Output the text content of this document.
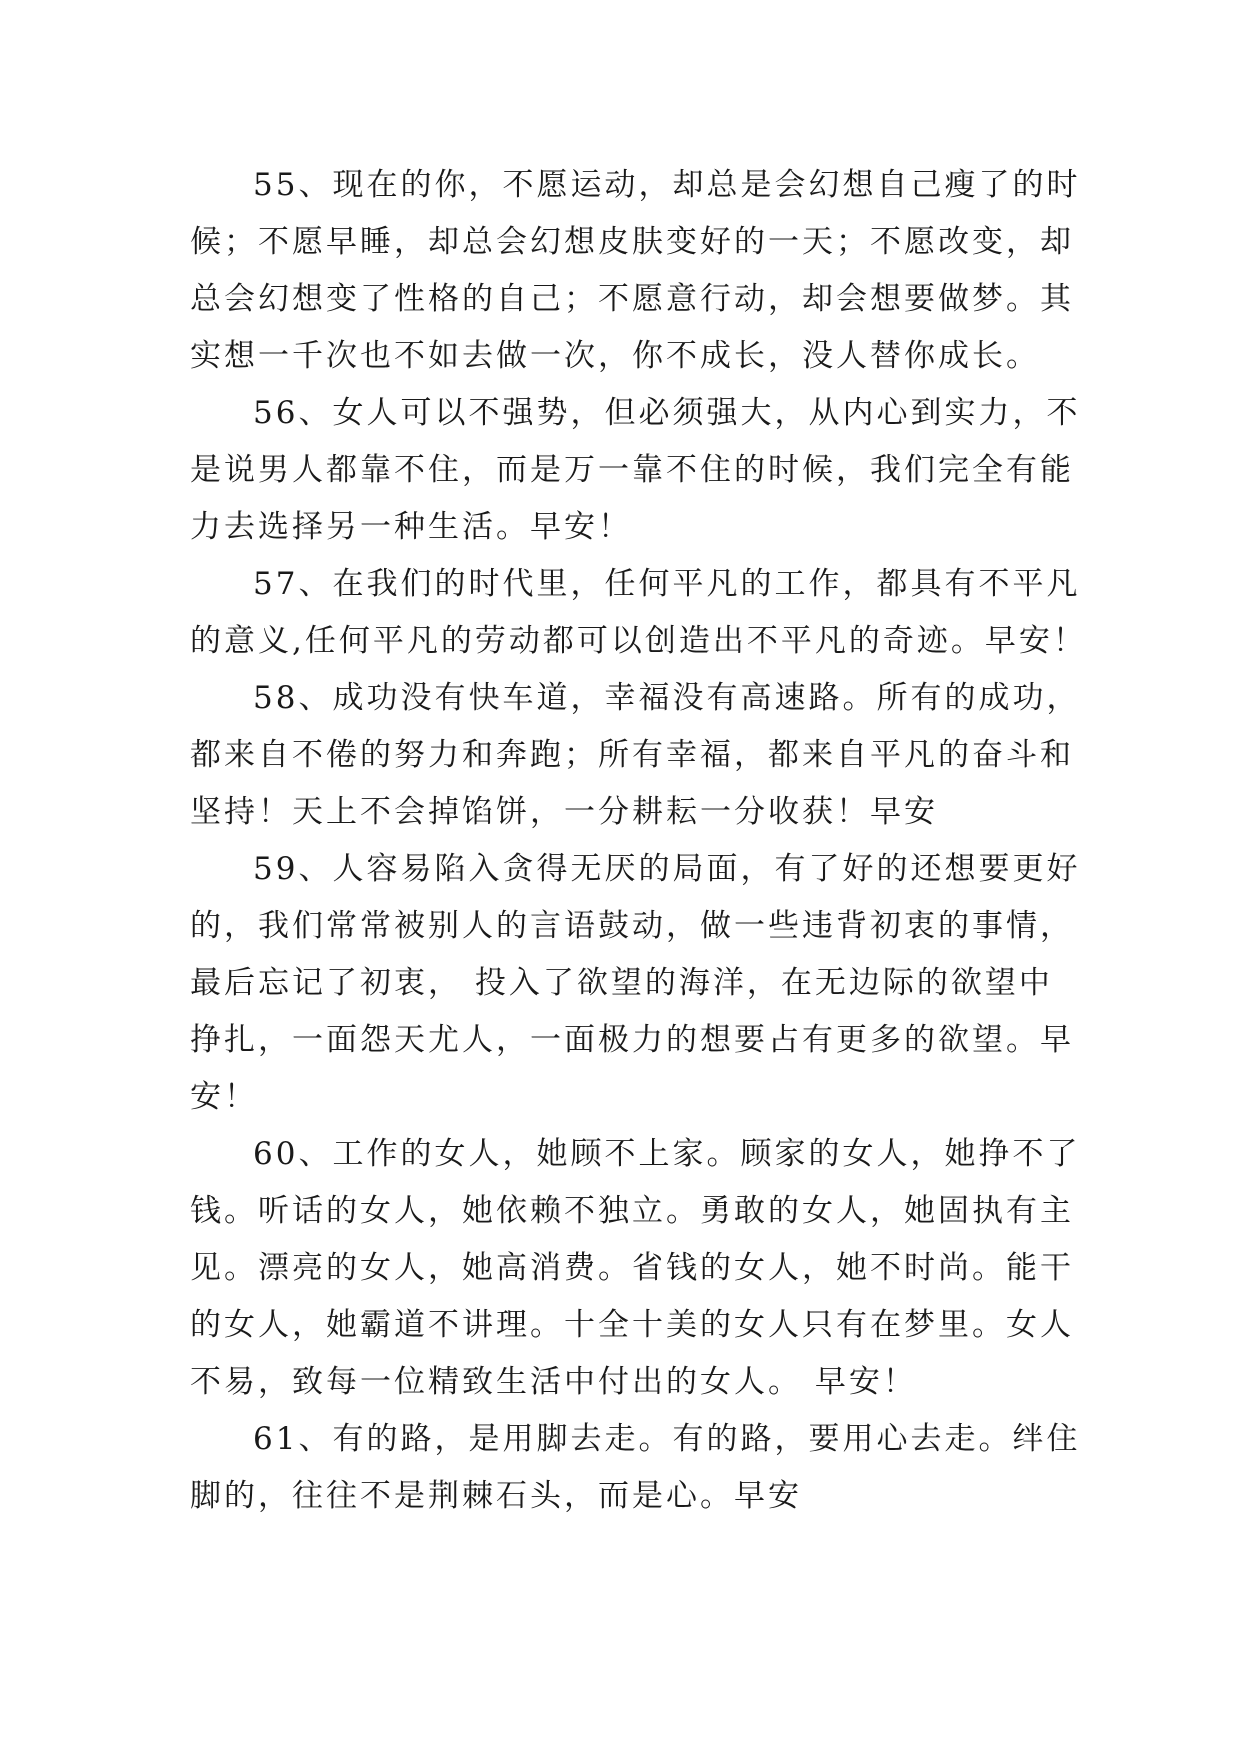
55、现在的你，不愿运动，却总是会幻想自己瘦了的时
候；不愿早睡，却总会幻想皮肤变好的一天；不愿改变，却
总会幻想变了性格的自己；不愿意行动，却会想要做梦。其
实想一千次也不如去做一次，你不成长，没人替你成长。
56、女人可以不强势，但必须强大，从内心到实力，不
是说男人都靠不住，而是万一靠不住的时候，我们完全有能
力去选择另一种生活。早安！
57、在我们的时代里，任何平凡的工作，都具有不平凡
的意义,任何平凡的劳动都可以创造出不平凡的奇迹。早安！
58、成功没有快车道，幸福没有高速路。所有的成功，
都来自不倦的努力和奔跑；所有幸福，都来自平凡的奋斗和
坚持！天上不会掉馅饼，一分耕耘一分收获！早安
59、人容易陷入贪得无厌的局面，有了好的还想要更好
的，我们常常被别人的言语鼓动，做一些违背初衷的事情，
最后忘记了初衷， 投入了欲望的海洋，在无边际的欲望中
挣扎，一面怨天尤人，一面极力的想要占有更多的欲望。早
安！
60、工作的女人，她顾不上家。顾家的女人，她挣不了
钱。听话的女人，她依赖不独立。勇敢的女人，她固执有主
见。漂亮的女人，她高消费。省钱的女人，她不时尚。能干
的女人，她霸道不讲理。十全十美的女人只有在梦里。女人
不易，致每一位精致生活中付出的女人。 早安！
61、有的路，是用脚去走。有的路，要用心去走。绊住
脚的，往往不是荆棘石头，而是心。早安
